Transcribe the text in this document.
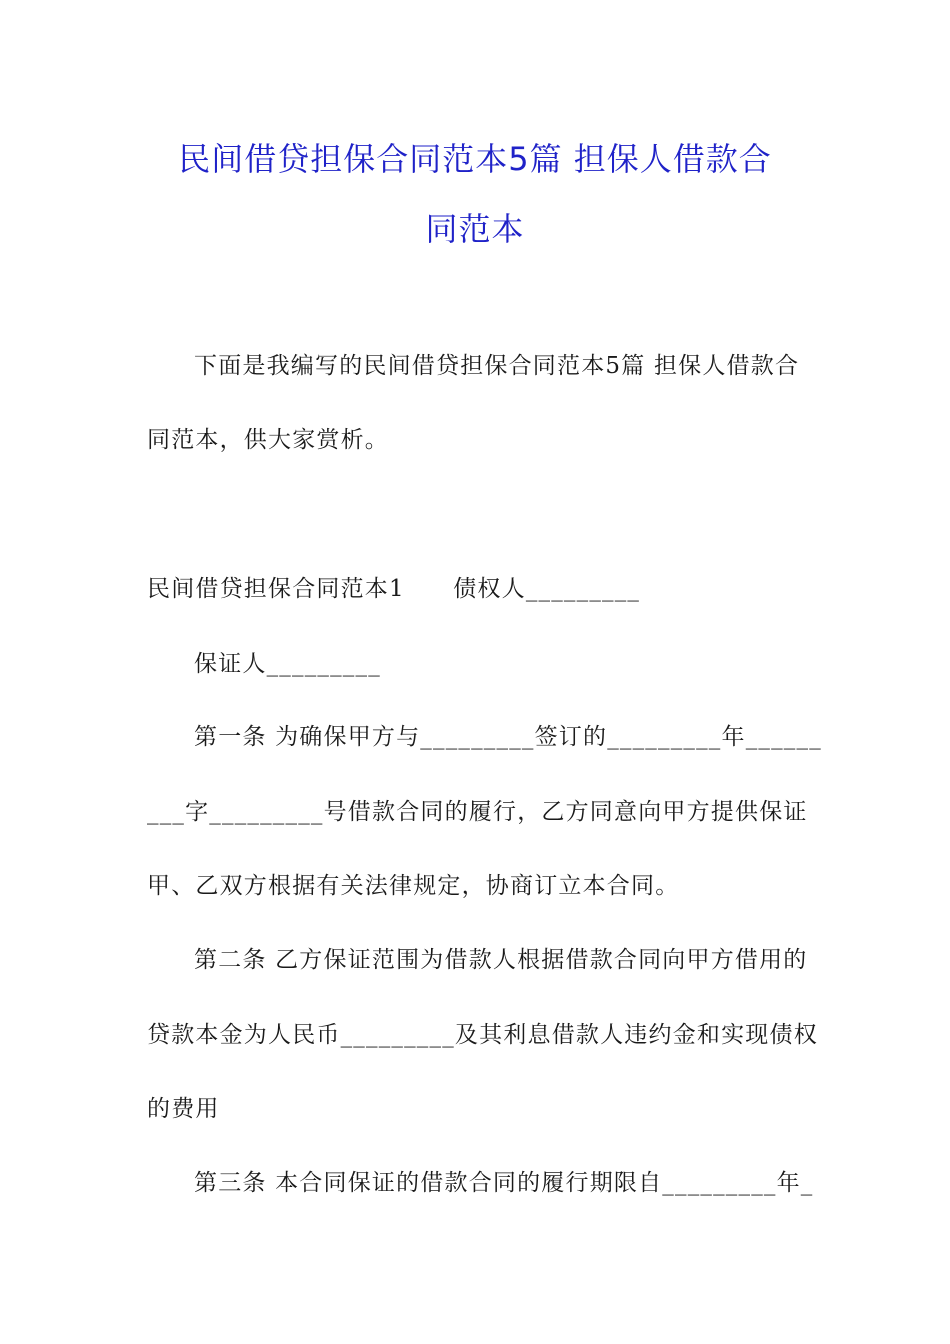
民间借贷担保合同范本5篇 担保人借款合
同范本
下面是我编写的民间借贷担保合同范本5篇 担保人借款合
同范本，供大家赏析。
民间借贷担保合同范本1　　债权人_________
保证人_________
第一条 为确保甲方与_________签订的_________年______
___字_________号借款合同的履行，乙方同意向甲方提供保证
甲、乙双方根据有关法律规定，协商订立本合同。
第二条 乙方保证范围为借款人根据借款合同向甲方借用的
贷款本金为人民币_________及其利息借款人违约金和实现债权
的费用
第三条 本合同保证的借款合同的履行期限自_________年_
